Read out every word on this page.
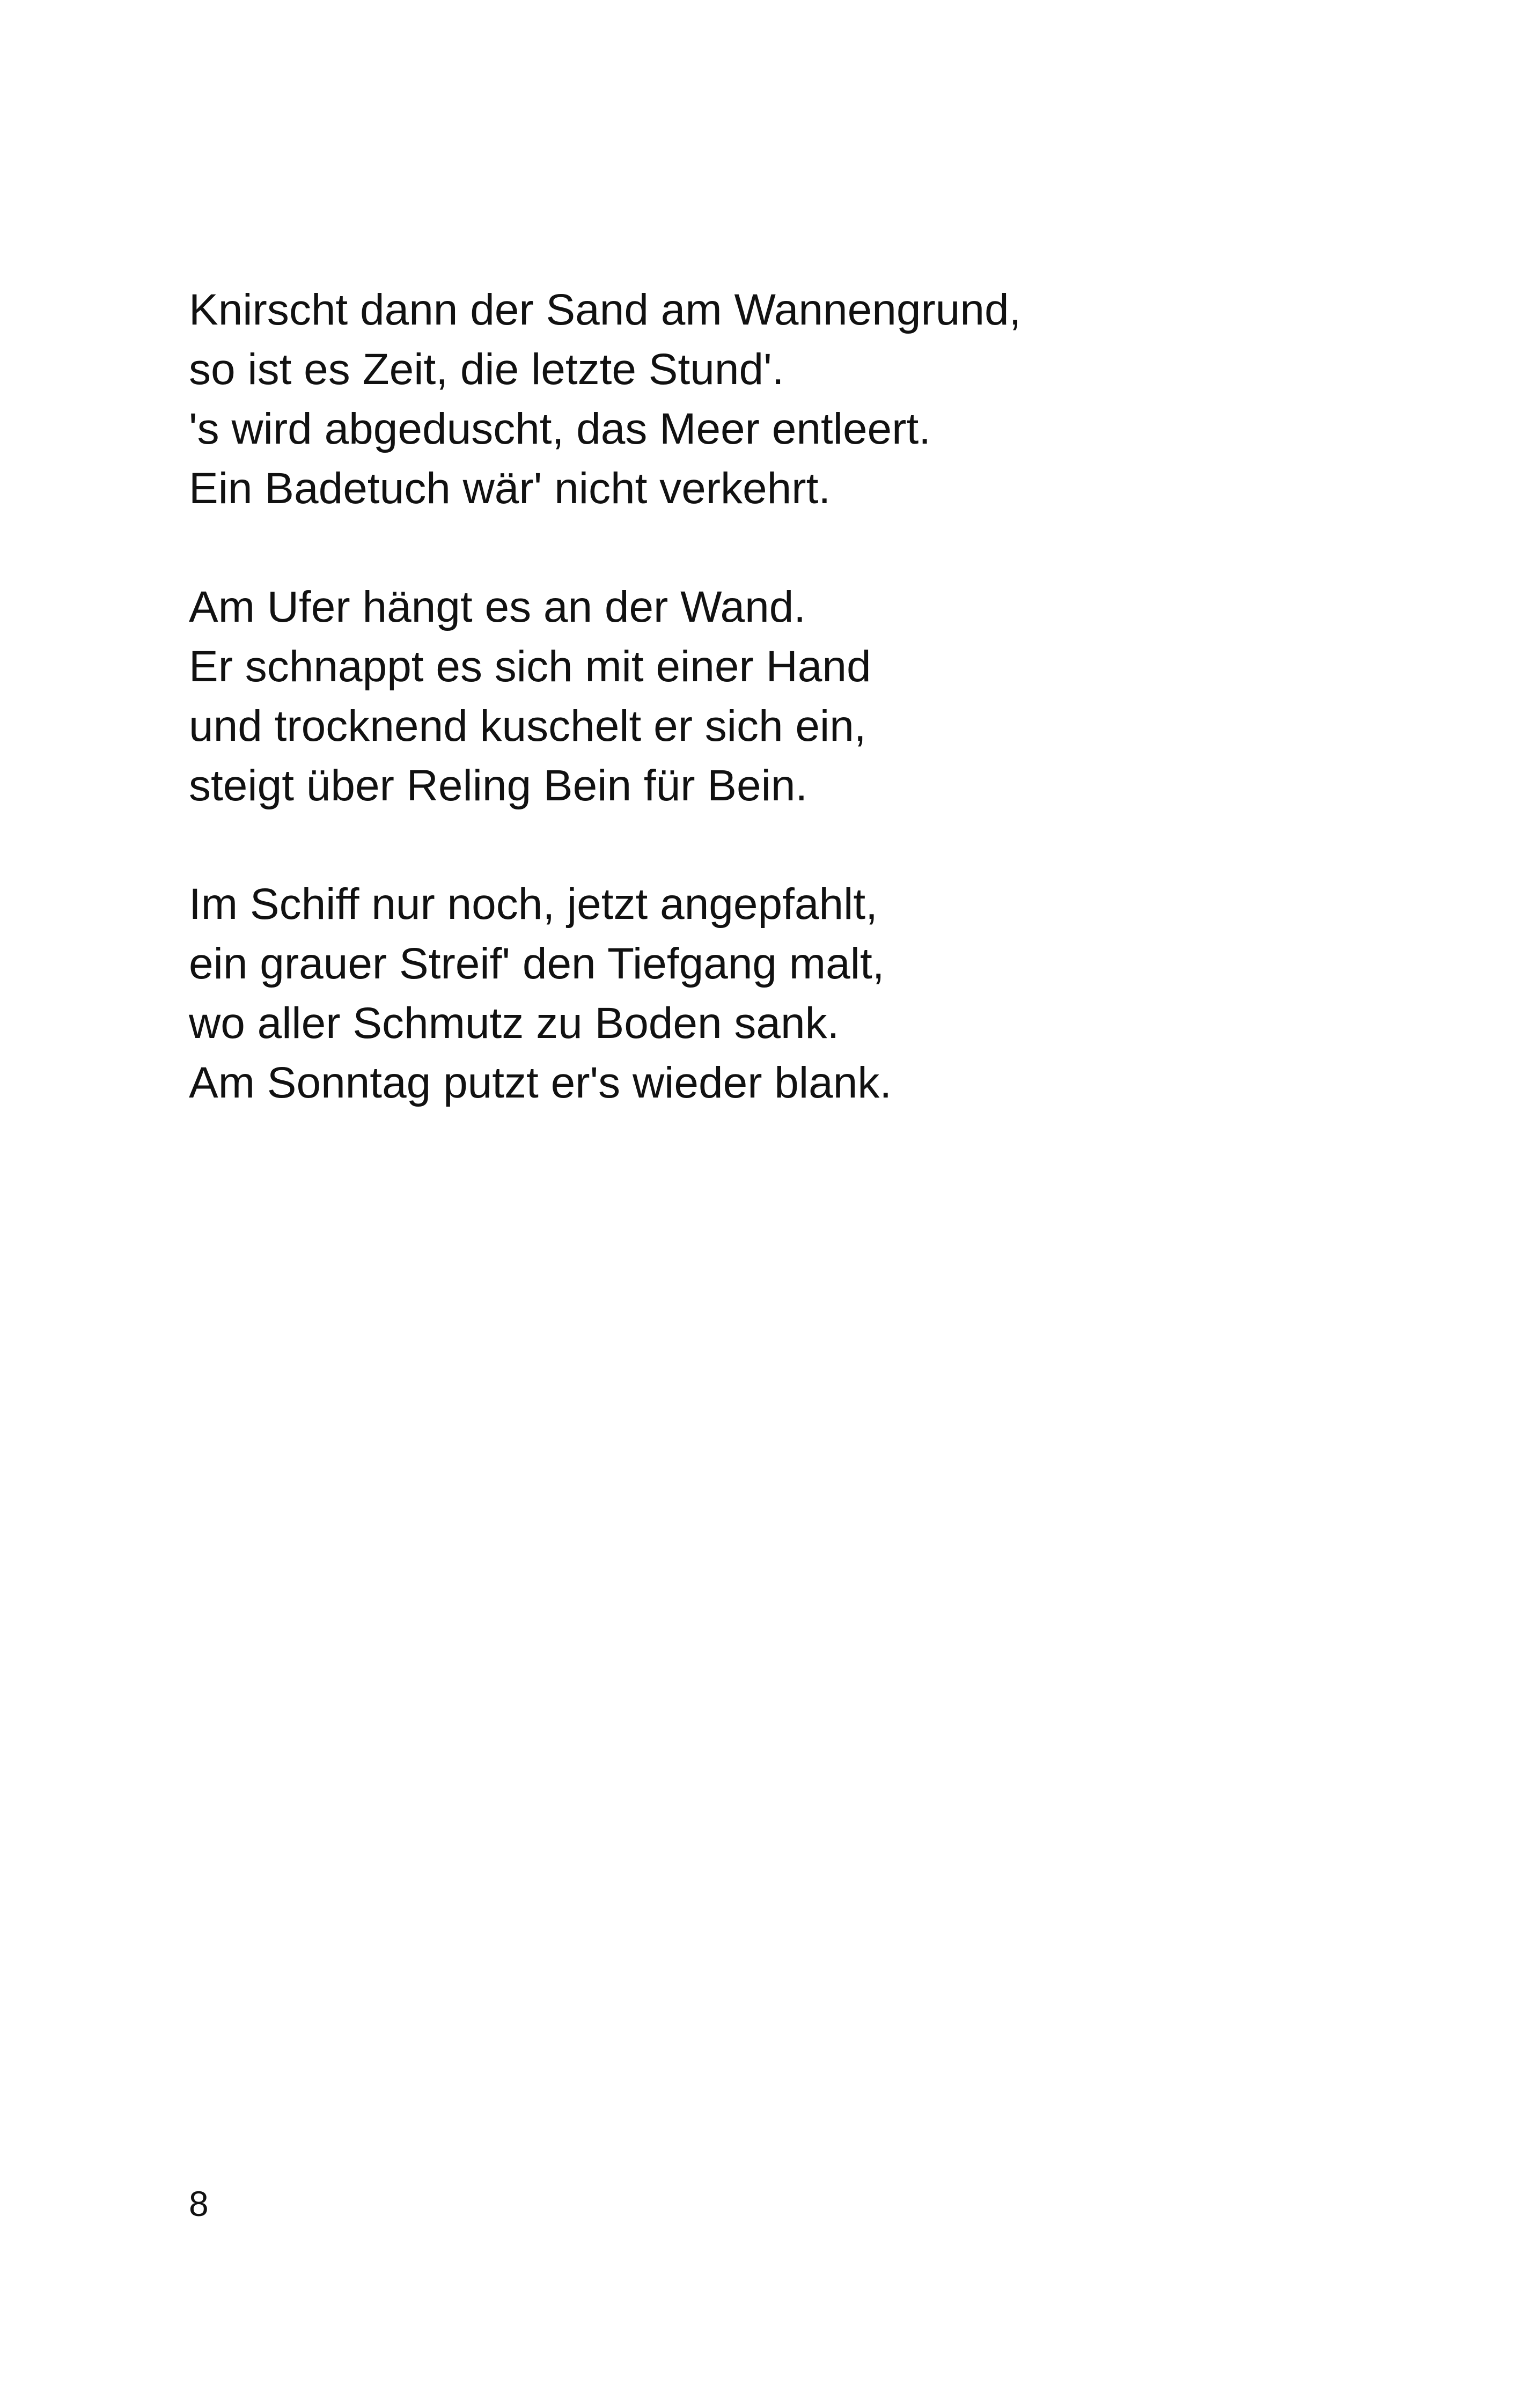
Knirscht dann der Sand am Wannengrund,
so ist es Zeit, die letzte Stund'.
's wird abgeduscht, das Meer entleert.
Ein Badetuch wär' nicht verkehrt.
Am Ufer hängt es an der Wand.
Er schnappt es sich mit einer Hand
und trocknend kuschelt er sich ein,
steigt über Reling Bein für Bein.
Im Schiff nur noch, jetzt angepfahlt,
ein grauer Streif' den Tiefgang malt,
wo aller Schmutz zu Boden sank.
Am Sonntag putzt er's wieder blank.
8
